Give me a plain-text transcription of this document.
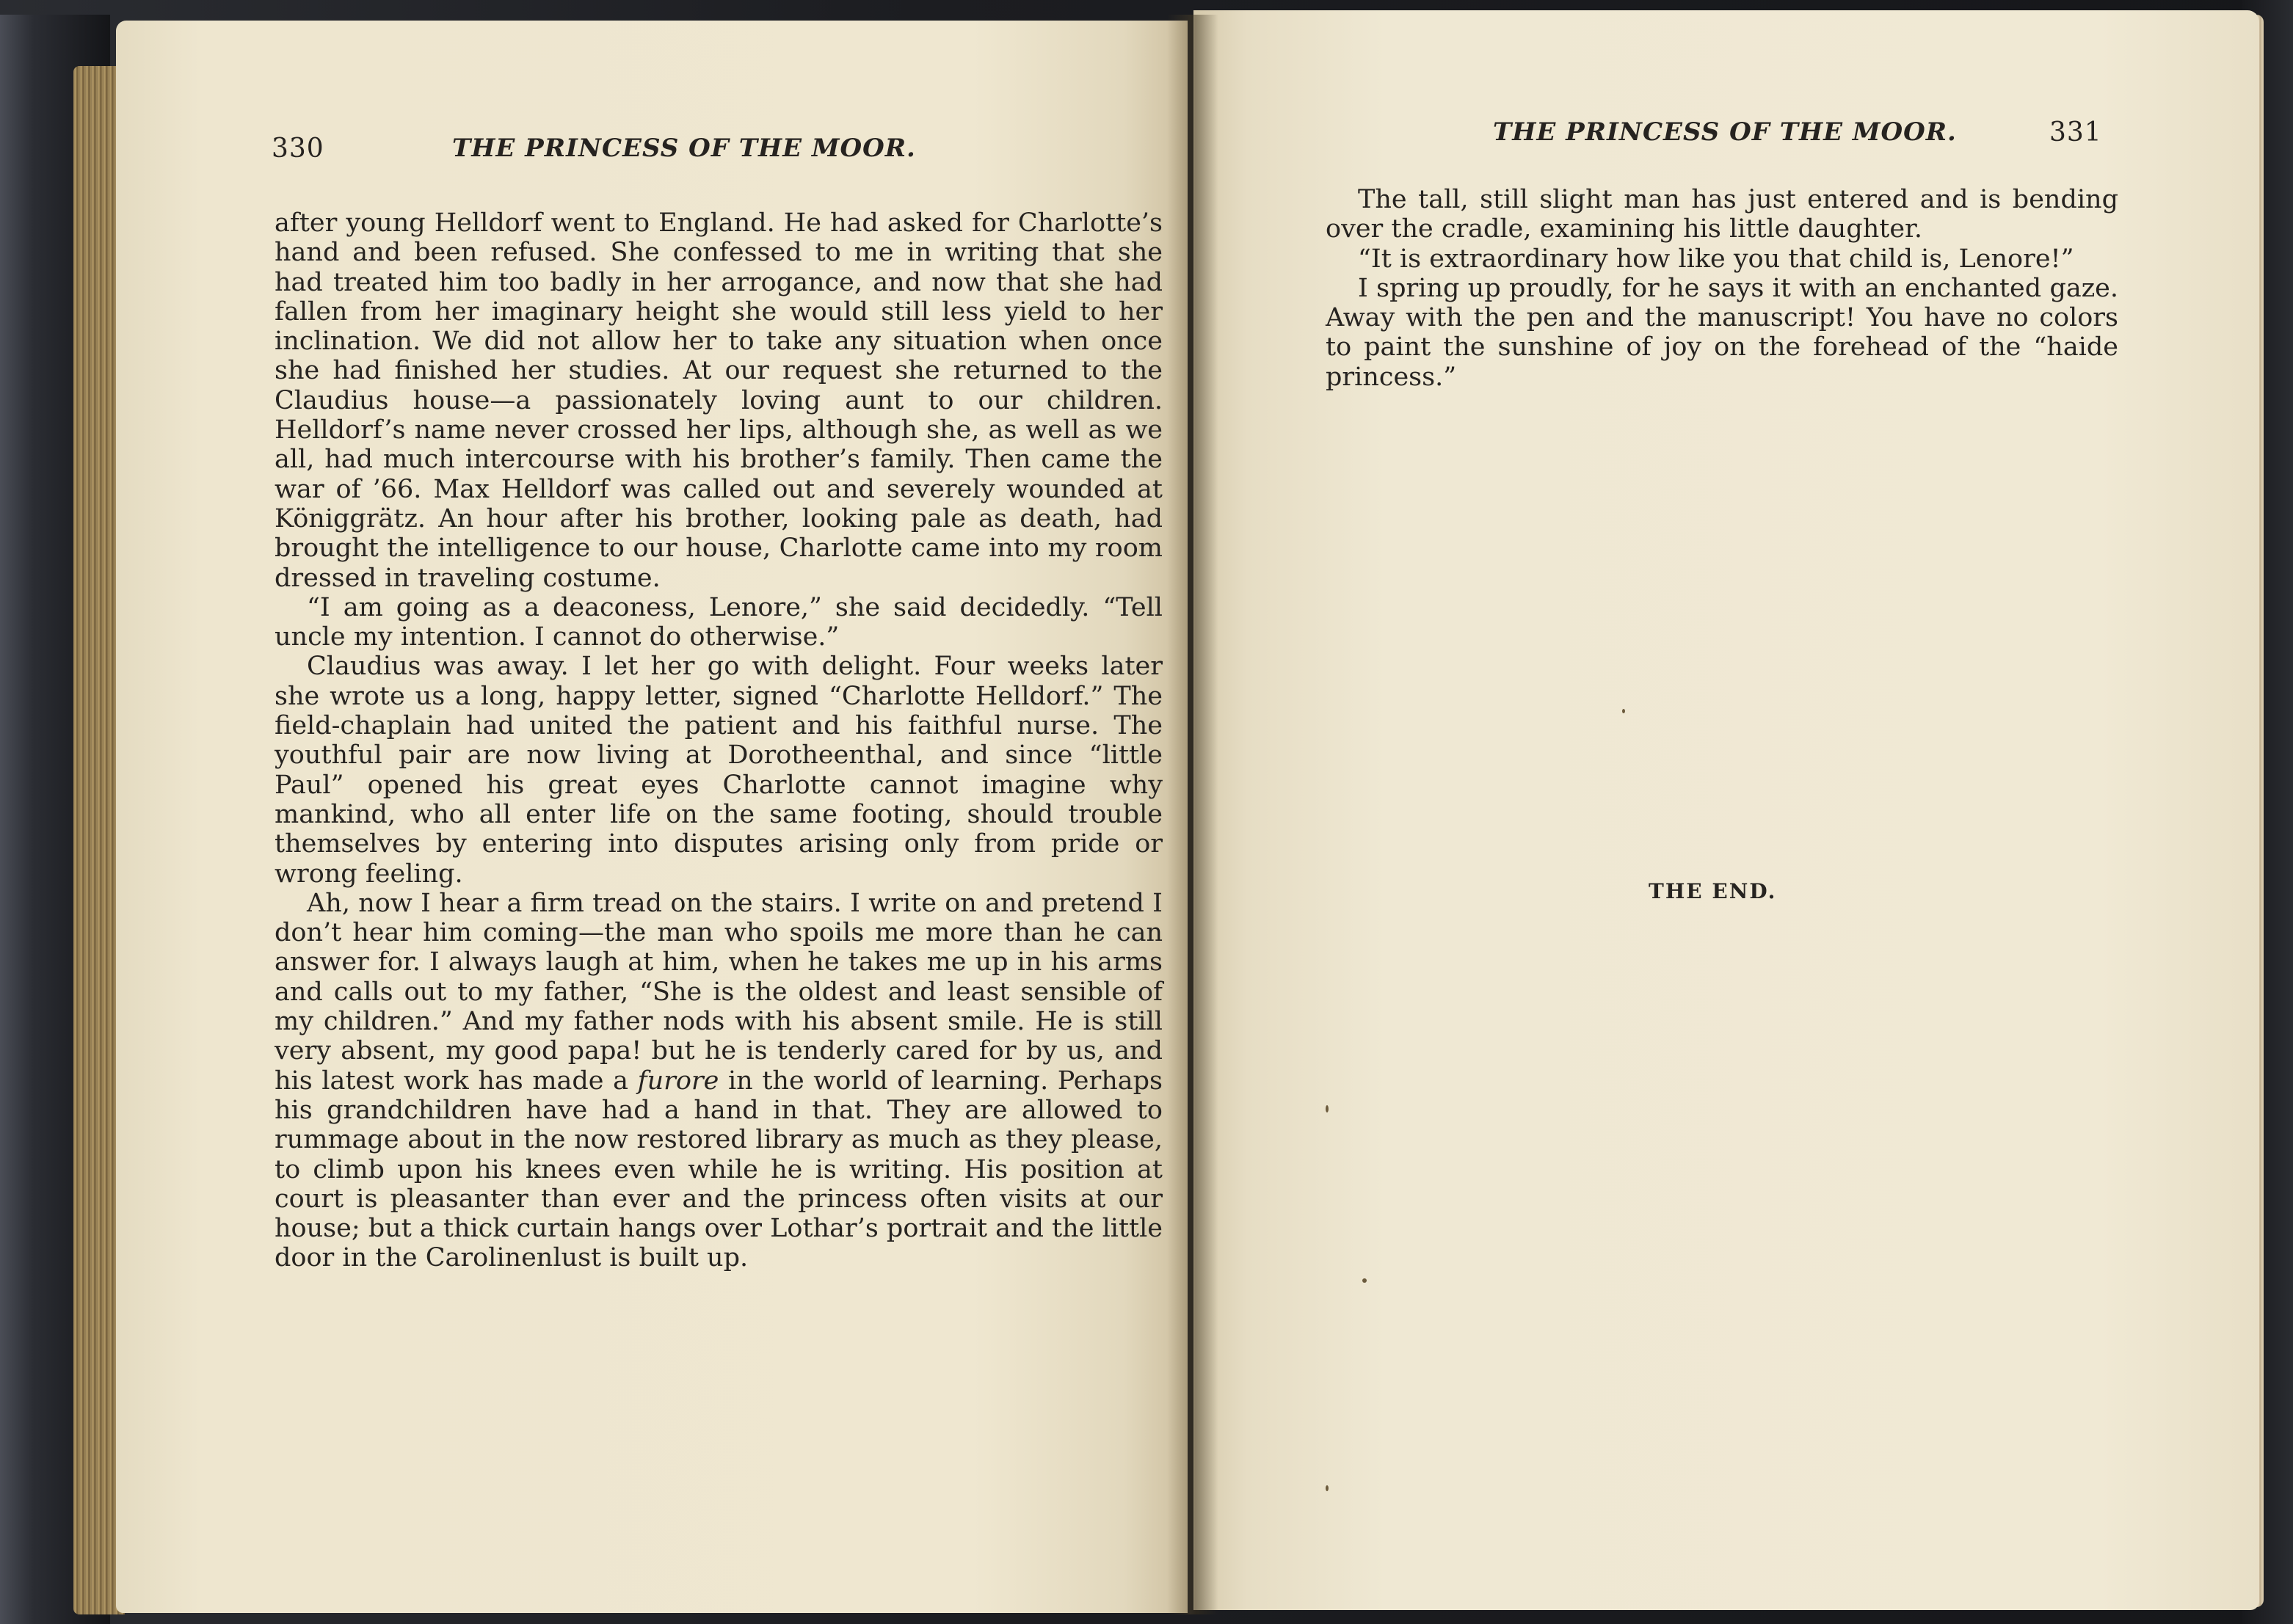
330	THE PRINCESS OF THE MOOR.

after young Helldorf went to England. He had asked for Charlotte’s hand and been refused. She confessed to me in writing that she had treated him too badly in her arrogance, and now that she had fallen from her imaginary height she would still less yield to her inclination. We did not allow her to take any situation when once she had finished her studies. At our request she returned to the Claudius house—a passionately loving aunt to our children. Helldorf’s name never crossed her lips, although she, as well as we all, had much intercourse with his brother’s family. Then came the war of ’66. Max Helldorf was called out and severely wounded at Königgrätz. An hour after his brother, looking pale as death, had brought the intelligence to our house, Charlotte came into my room dressed in traveling costume.

“I am going as a deaconess, Lenore,” she said decidedly. “Tell uncle my intention. I cannot do otherwise.”

Claudius was away. I let her go with delight. Four weeks later she wrote us a long, happy letter, signed “Charlotte Helldorf.” The field-chaplain had united the patient and his faithful nurse. The youthful pair are now living at Dorotheenthal, and since “little Paul” opened his great eyes Charlotte cannot imagine why mankind, who all enter life on the same footing, should trouble themselves by entering into disputes arising only from pride or wrong feeling.

Ah, now I hear a firm tread on the stairs. I write on and pretend I don’t hear him coming—the man who spoils me more than he can answer for. I always laugh at him, when he takes me up in his arms and calls out to my father, “She is the oldest and least sensible of my children.” And my father nods with his absent smile. He is still very absent, my good papa! but he is tenderly cared for by us, and his latest work has made a furore in the world of learning. Perhaps his grandchildren have had a hand in that. They are allowed to rummage about in the now restored library as much as they please, to climb upon his knees even while he is writing. His position at court is pleasanter than ever and the princess often visits at our house; but a thick curtain hangs over Lothar’s portrait and the little door in the Carolinenlust is built up.

THE PRINCESS OF THE MOOR.	331

The tall, still slight man has just entered and is bending over the cradle, examining his little daughter.

“It is extraordinary how like you that child is, Lenore!”

I spring up proudly, for he says it with an enchanted gaze. Away with the pen and the manuscript! You have no colors to paint the sunshine of joy on the forehead of the “haide princess.”

THE END.
